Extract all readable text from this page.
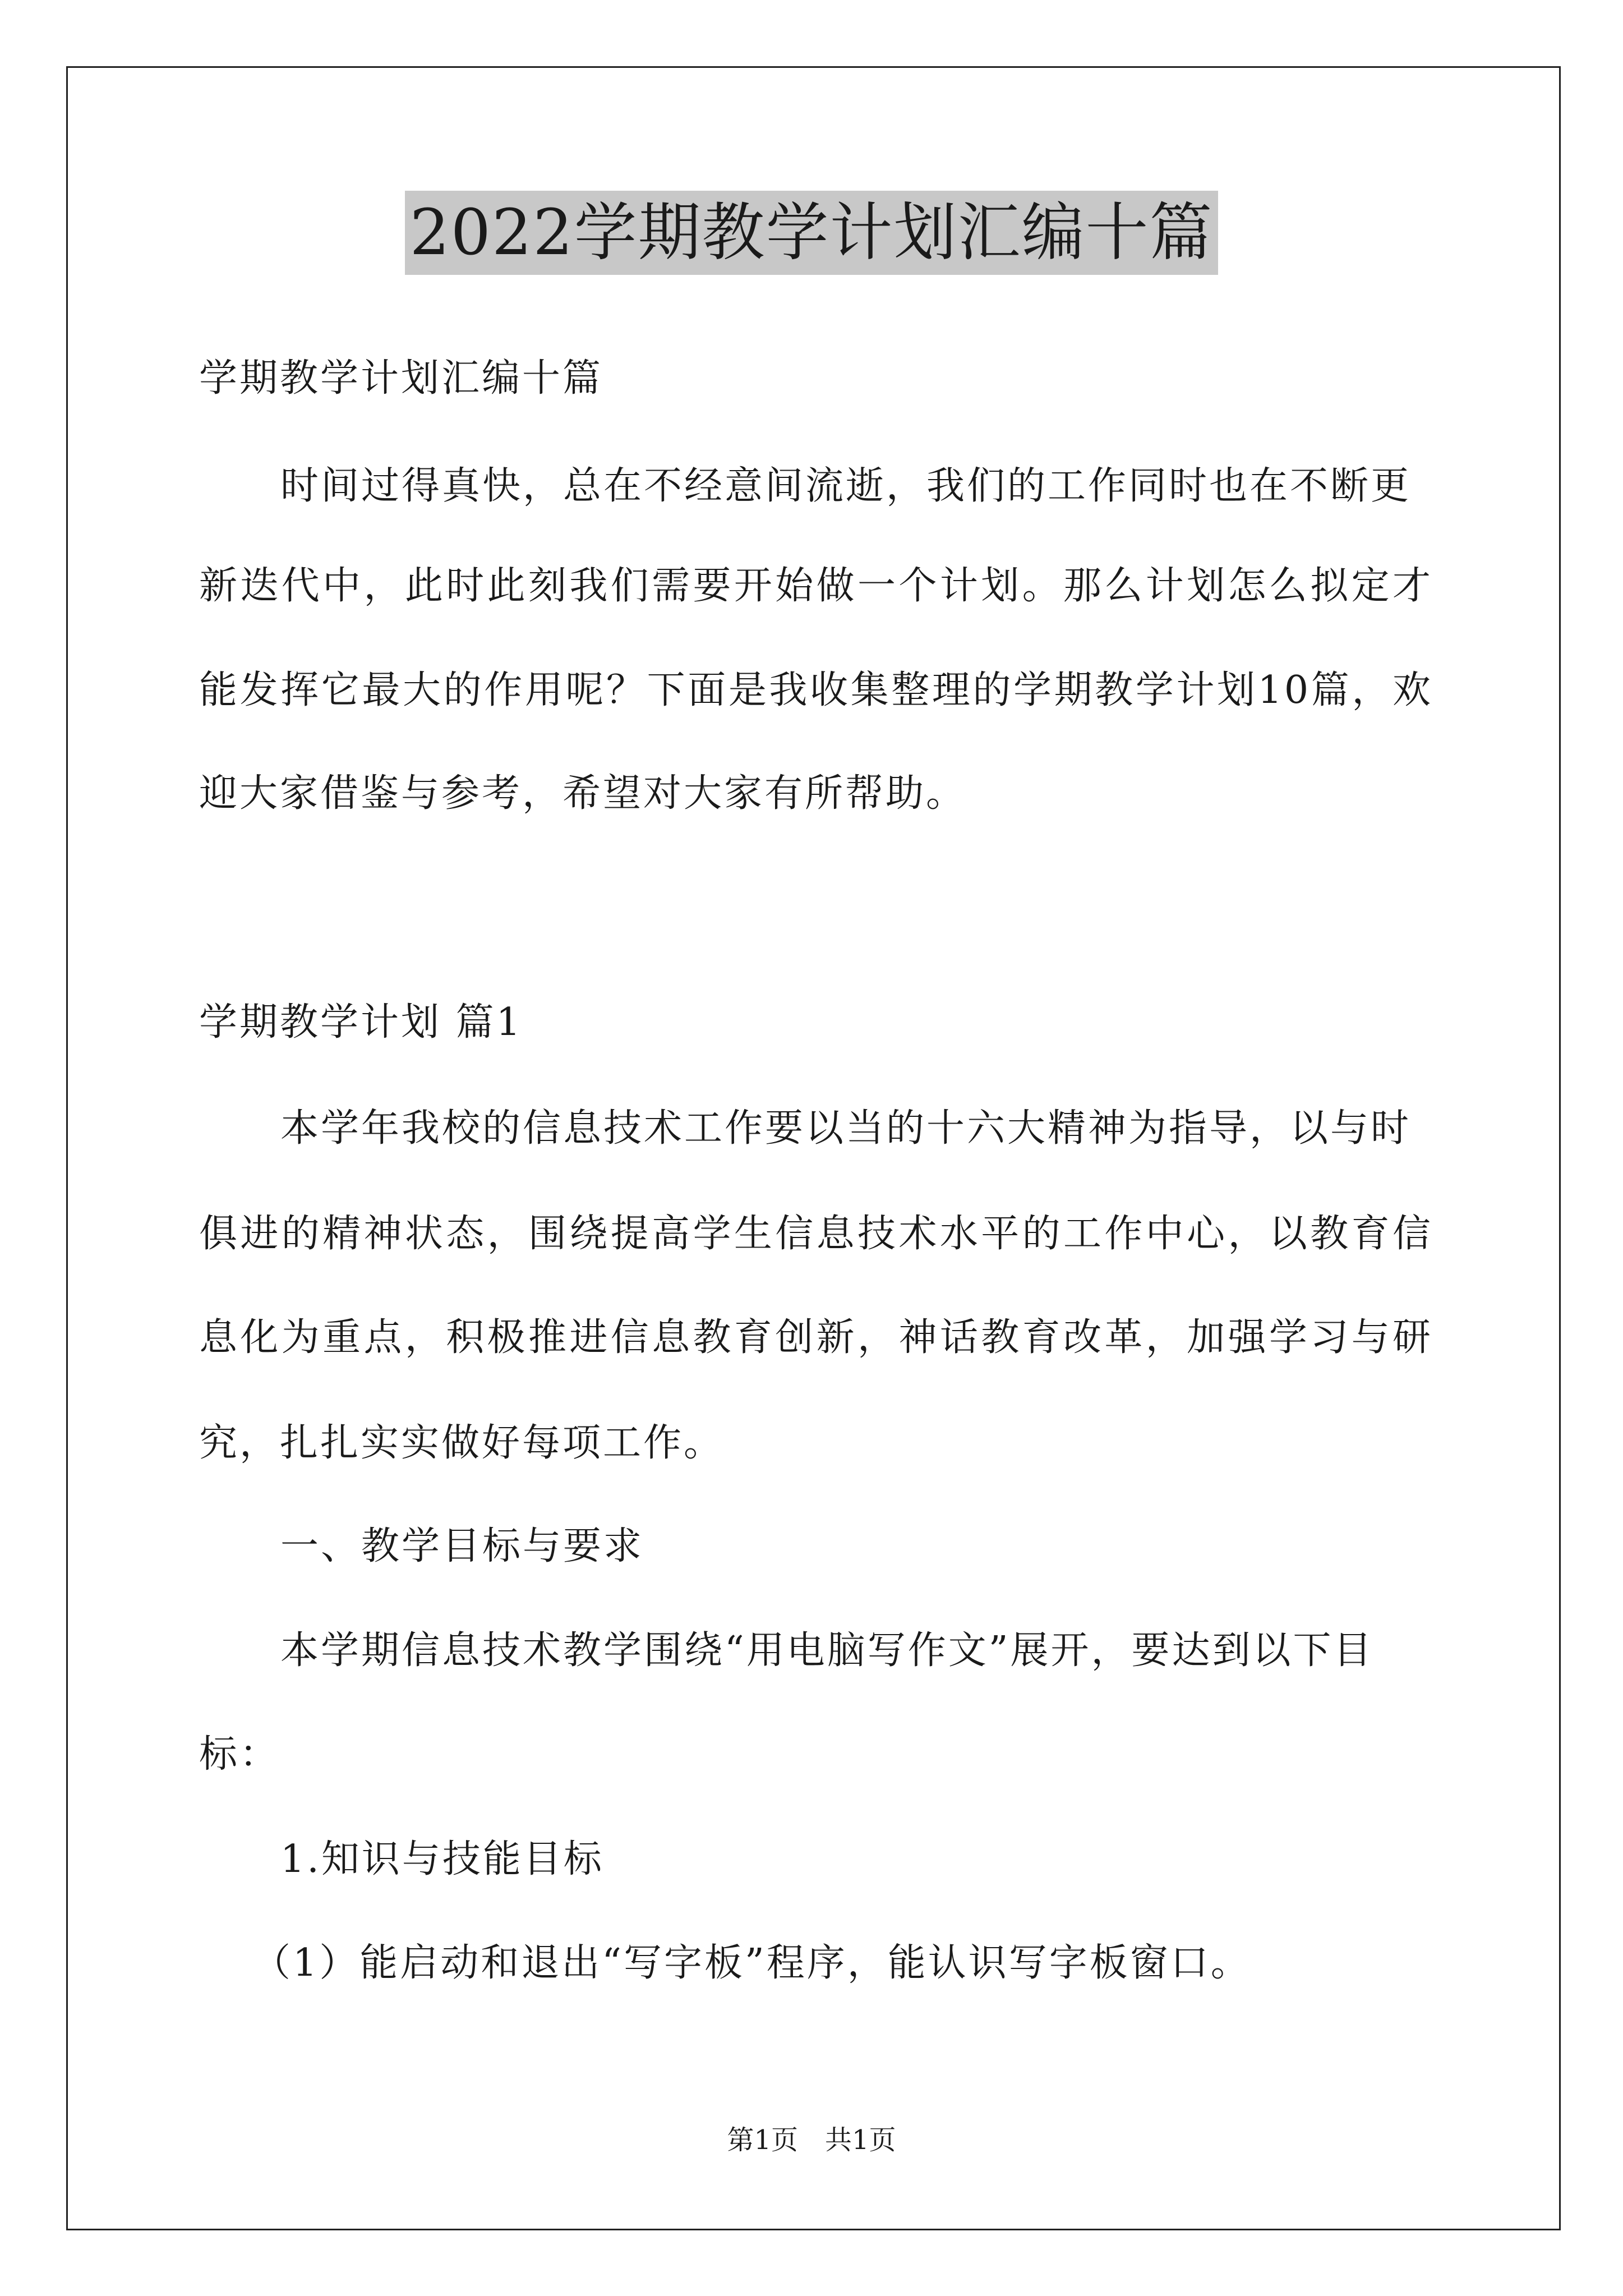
2022学期教学计划汇编十篇
学期教学计划汇编十篇
时间过得真快，总在不经意间流逝，我们的工作同时也在不断更
新迭代中，此时此刻我们需要开始做一个计划。那么计划怎么拟定才
能发挥它最大的作用呢？下面是我收集整理的学期教学计划10篇，欢
迎大家借鉴与参考，希望对大家有所帮助。
学期教学计划 篇1
本学年我校的信息技术工作要以当的十六大精神为指导，以与时
俱进的精神状态，围绕提高学生信息技术水平的工作中心，以教育信
息化为重点，积极推进信息教育创新，神话教育改革，加强学习与研
究，扎扎实实做好每项工作。
一、教学目标与要求
本学期信息技术教学围绕“用电脑写作文”展开，要达到以下目
标：
1.知识与技能目标
（1）能启动和退出“写字板”程序，能认识写字板窗口。
第1页　共1页
